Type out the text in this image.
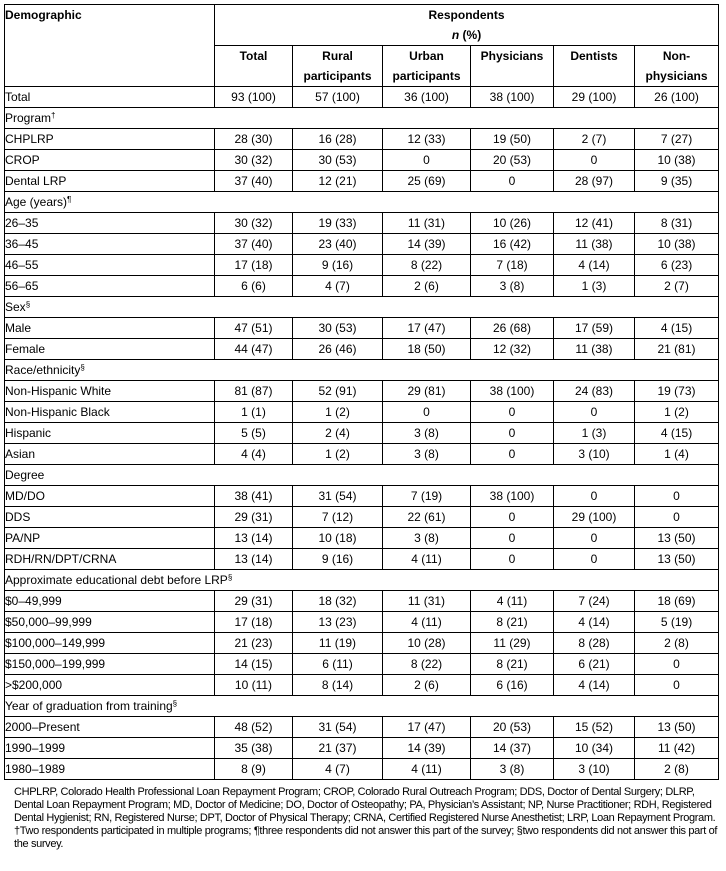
Demographic	Respondents
n (%)					
	Total	Rural participants	Urban participants	Physicians	Dentists	Non-physicians
Total	93 (100)	57 (100)	36 (100)	38 (100)	29 (100)	26 (100)
Program†
CHPLRP	28 (30)	16 (28)	12 (33)	19 (50)	2 (7)	7 (27)
CROP	30 (32)	30 (53)	0	20 (53)	0	10 (38)
Dental LRP	37 (40)	12 (21)	25 (69)	0	28 (97)	9 (35)
Age (years)¶
26–35	30 (32)	19 (33)	11 (31)	10 (26)	12 (41)	8 (31)
36–45	37 (40)	23 (40)	14 (39)	16 (42)	11 (38)	10 (38)
46–55	17 (18)	9 (16)	8 (22)	7 (18)	4 (14)	6 (23)
56–65	6 (6)	4 (7)	2 (6)	3 (8)	1 (3)	2 (7)
Sex§
Male	47 (51)	30 (53)	17 (47)	26 (68)	17 (59)	4 (15)
Female	44 (47)	26 (46)	18 (50)	12 (32)	11 (38)	21 (81)
Race/ethnicity§
Non-Hispanic White	81 (87)	52 (91)	29 (81)	38 (100)	24 (83)	19 (73)
Non-Hispanic Black	1 (1)	1 (2)	0	0	0	1 (2)
Hispanic	5 (5)	2 (4)	3 (8)	0	1 (3)	4 (15)
Asian	4 (4)	1 (2)	3 (8)	0	3 (10)	1 (4)
Degree						
MD/DO	38 (41)	31 (54)	7 (19)	38 (100)	0	0
DDS	29 (31)	7 (12)	22 (61)	0	29 (100)	0
PA/NP	13 (14)	10 (18)	3 (8)	0	0	13 (50)
RDH/RN/DPT/CRNA	13 (14)	9 (16)	4 (11)	0	0	13 (50)
Approximate educational debt before LRP§
$0–49,999	29 (31)	18 (32)	11 (31)	4 (11)	7 (24)	18 (69)
$50,000–99,999	17 (18)	13 (23)	4 (11)	8 (21)	4 (14)	5 (19)
$100,000–149,999	21 (23)	11 (19)	10 (28)	11 (29)	8 (28)	2 (8)
$150,000–199,999	14 (15)	6 (11)	8 (22)	8 (21)	6 (21)	0
>$200,000	10 (11)	8 (14)	2 (6)	6 (16)	4 (14)	0
Year of graduation from training§
2000–Present	48 (52)	31 (54)	17 (47)	20 (53)	15 (52)	13 (50)
1990–1999	35 (38)	21 (37)	14 (39)	14 (37)	10 (34)	11 (42)
1980–1989	8 (9)	4 (7)	4 (11)	3 (8)	3 (10)	2 (8)

CHPLRP, Colorado Health Professional Loan Repayment Program; CROP, Colorado Rural Outreach Program; DDS, Doctor of Dental Surgery; DLRP, Dental Loan Repayment Program; MD, Doctor of Medicine; DO, Doctor of Osteopathy; PA, Physician’s Assistant; NP, Nurse Practitioner; RDH, Registered Dental Hygienist; RN, Registered Nurse; DPT, Doctor of Physical Therapy; CRNA, Certified Registered Nurse Anesthetist; LRP, Loan Repayment Program.

†Two respondents participated in multiple programs; ¶three respondents did not answer this part of the survey; §two respondents did not answer this part of the survey.
